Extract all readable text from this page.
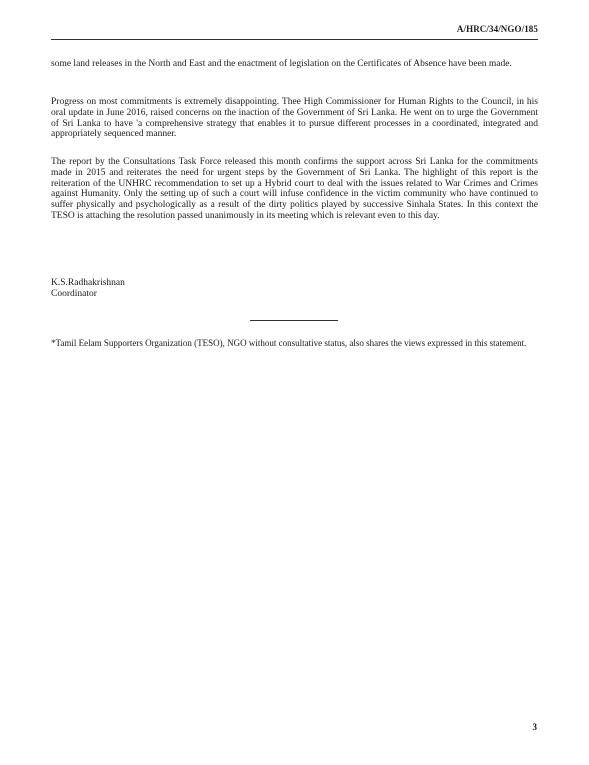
A/HRC/34/NGO/185

some land releases in the North and East and the enactment of legislation on the Certificates of Absence have been made.

Progress on most commitments is extremely disappointing. Thee High Commissioner for Human Rights to the Council, in his oral update in June 2016, raised concerns on the inaction of the Government of Sri Lanka. He went on to urge the Government of Sri Lanka to have 'a comprehensive strategy that enables it to pursue different processes in a coordinated, integrated and appropriately sequenced manner.

The report by the Consultations Task Force released this month confirms the support across Sri Lanka for the commitments made in 2015 and reiterates the need for urgent steps by the Government of Sri Lanka. The highlight of this report is the reiteration of the UNHRC recommendation to set up a Hybrid court to deal with the issues related to War Crimes and Crimes against Humanity. Only the setting up of such a court will infuse confidence in the victim community who have continued to suffer physically and psychologically as a result of the dirty politics played by successive Sinhala States. In this context the TESO is attaching the resolution passed unanimously in its meeting which is relevant even to this day.

K.S.Radhakrishnan
Coordinator

*Tamil Eelam Supporters Organization (TESO), NGO without consultative status, also shares the views expressed in this statement.

3
